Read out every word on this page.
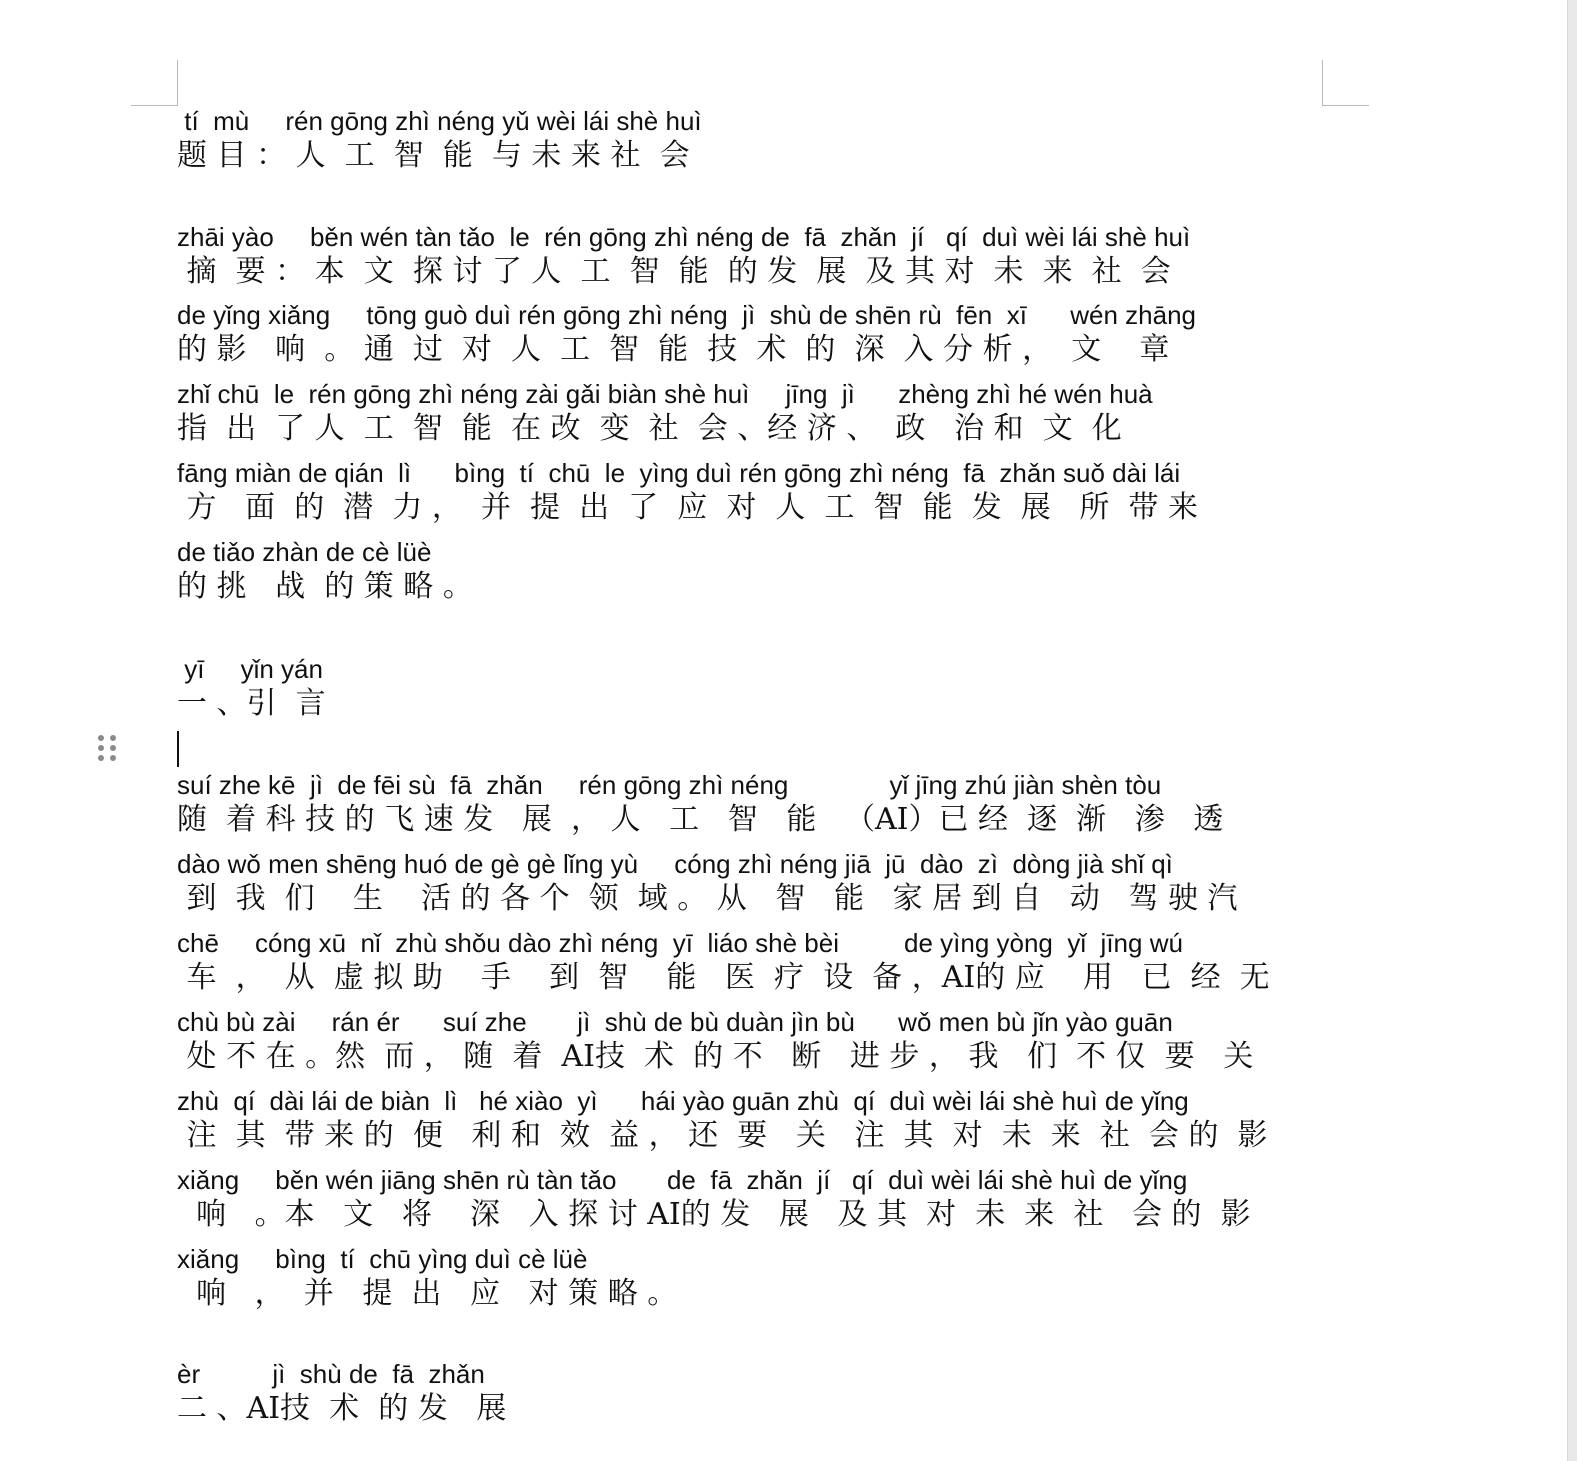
tí  mù     rén gōng zhì néng yǔ wèi lái shè huì
题 目 ： 人  工  智  能  与 未 来 社  会
zhāi yào     běn wén tàn tǎo  le  rén gōng zhì néng de  fā  zhǎn  jí   qí  duì wèi lái shè huì
摘  要 ： 本  文  探 讨 了 人  工  智  能  的 发  展  及 其 对  未  来  社  会
de yǐng xiǎng     tōng guò duì rén gōng zhì néng  jì  shù de shēn rù  fēn  xī      wén zhāng
的 影   响  。 通  过  对  人  工  智  能  技  术  的  深  入 分 析 ，  文    章
zhǐ chū  le  rén gōng zhì néng zài gǎi biàn shè huì     jīng  jì      zhèng zhì hé wén huà
指  出  了 人  工  智  能  在 改  变  社  会 、经 济 、  政   治 和  文  化
fāng miàn de qián  lì      bìng  tí  chū  le  yìng duì rén gōng zhì néng  fā  zhǎn suǒ dài lái
方   面  的  潜  力 ，  并  提  出  了  应  对  人  工  智  能  发  展   所  带 来
de tiǎo zhàn de cè lüè
的 挑   战  的 策 略 。
yī     yǐn yán
一 、引  言
suí zhe kē  jì  de fēi sù  fā  zhǎn     rén gōng zhì néng              yǐ jīng zhú jiàn shèn tòu
随  着 科 技 的 飞 速 发   展  ， 人   工   智   能   （AI）已 经  逐  渐   渗   透
dào wǒ men shēng huó de gè gè lǐng yù     cóng zhì néng jiā  jū  dào  zì  dòng jià shǐ qì
到  我  们    生    活 的 各 个  领  域 。 从   智   能   家 居 到 自   动   驾 驶 汽
chē     cóng xū  nǐ  zhù shǒu dào zhì néng  yī  liáo shè bèi         de yìng yòng  yǐ  jīng wú
车  ，  从  虚 拟 助    手    到  智    能   医  疗  设  备 ，AI的 应    用   已  经  无
chù bù zài     rán ér      suí zhe       jì  shù de bù duàn jìn bù      wǒ men bù jǐn yào guān
处 不 在 。然  而 ， 随  着  AI技  术  的 不   断   进 步 ， 我   们  不 仅  要   关
zhù  qí  dài lái de biàn  lì   hé xiào  yì      hái yào guān zhù  qí  duì wèi lái shè huì de yǐng
注  其  带 来 的  便   利 和  效  益 ， 还  要   关   注  其  对  未  来  社  会 的  影
xiǎng     běn wén jiāng shēn rù tàn tǎo       de  fā  zhǎn  jí   qí  duì wèi lái shè huì de yǐng
响   。本   文   将    深   入 探 讨 AI的 发   展   及 其  对  未  来  社   会 的  影
xiǎng     bìng  tí  chū yìng duì cè lüè
响   ，  并   提  出   应   对 策 略 。
èr          jì  shù de  fā  zhǎn
二 、AI技  术  的 发   展
